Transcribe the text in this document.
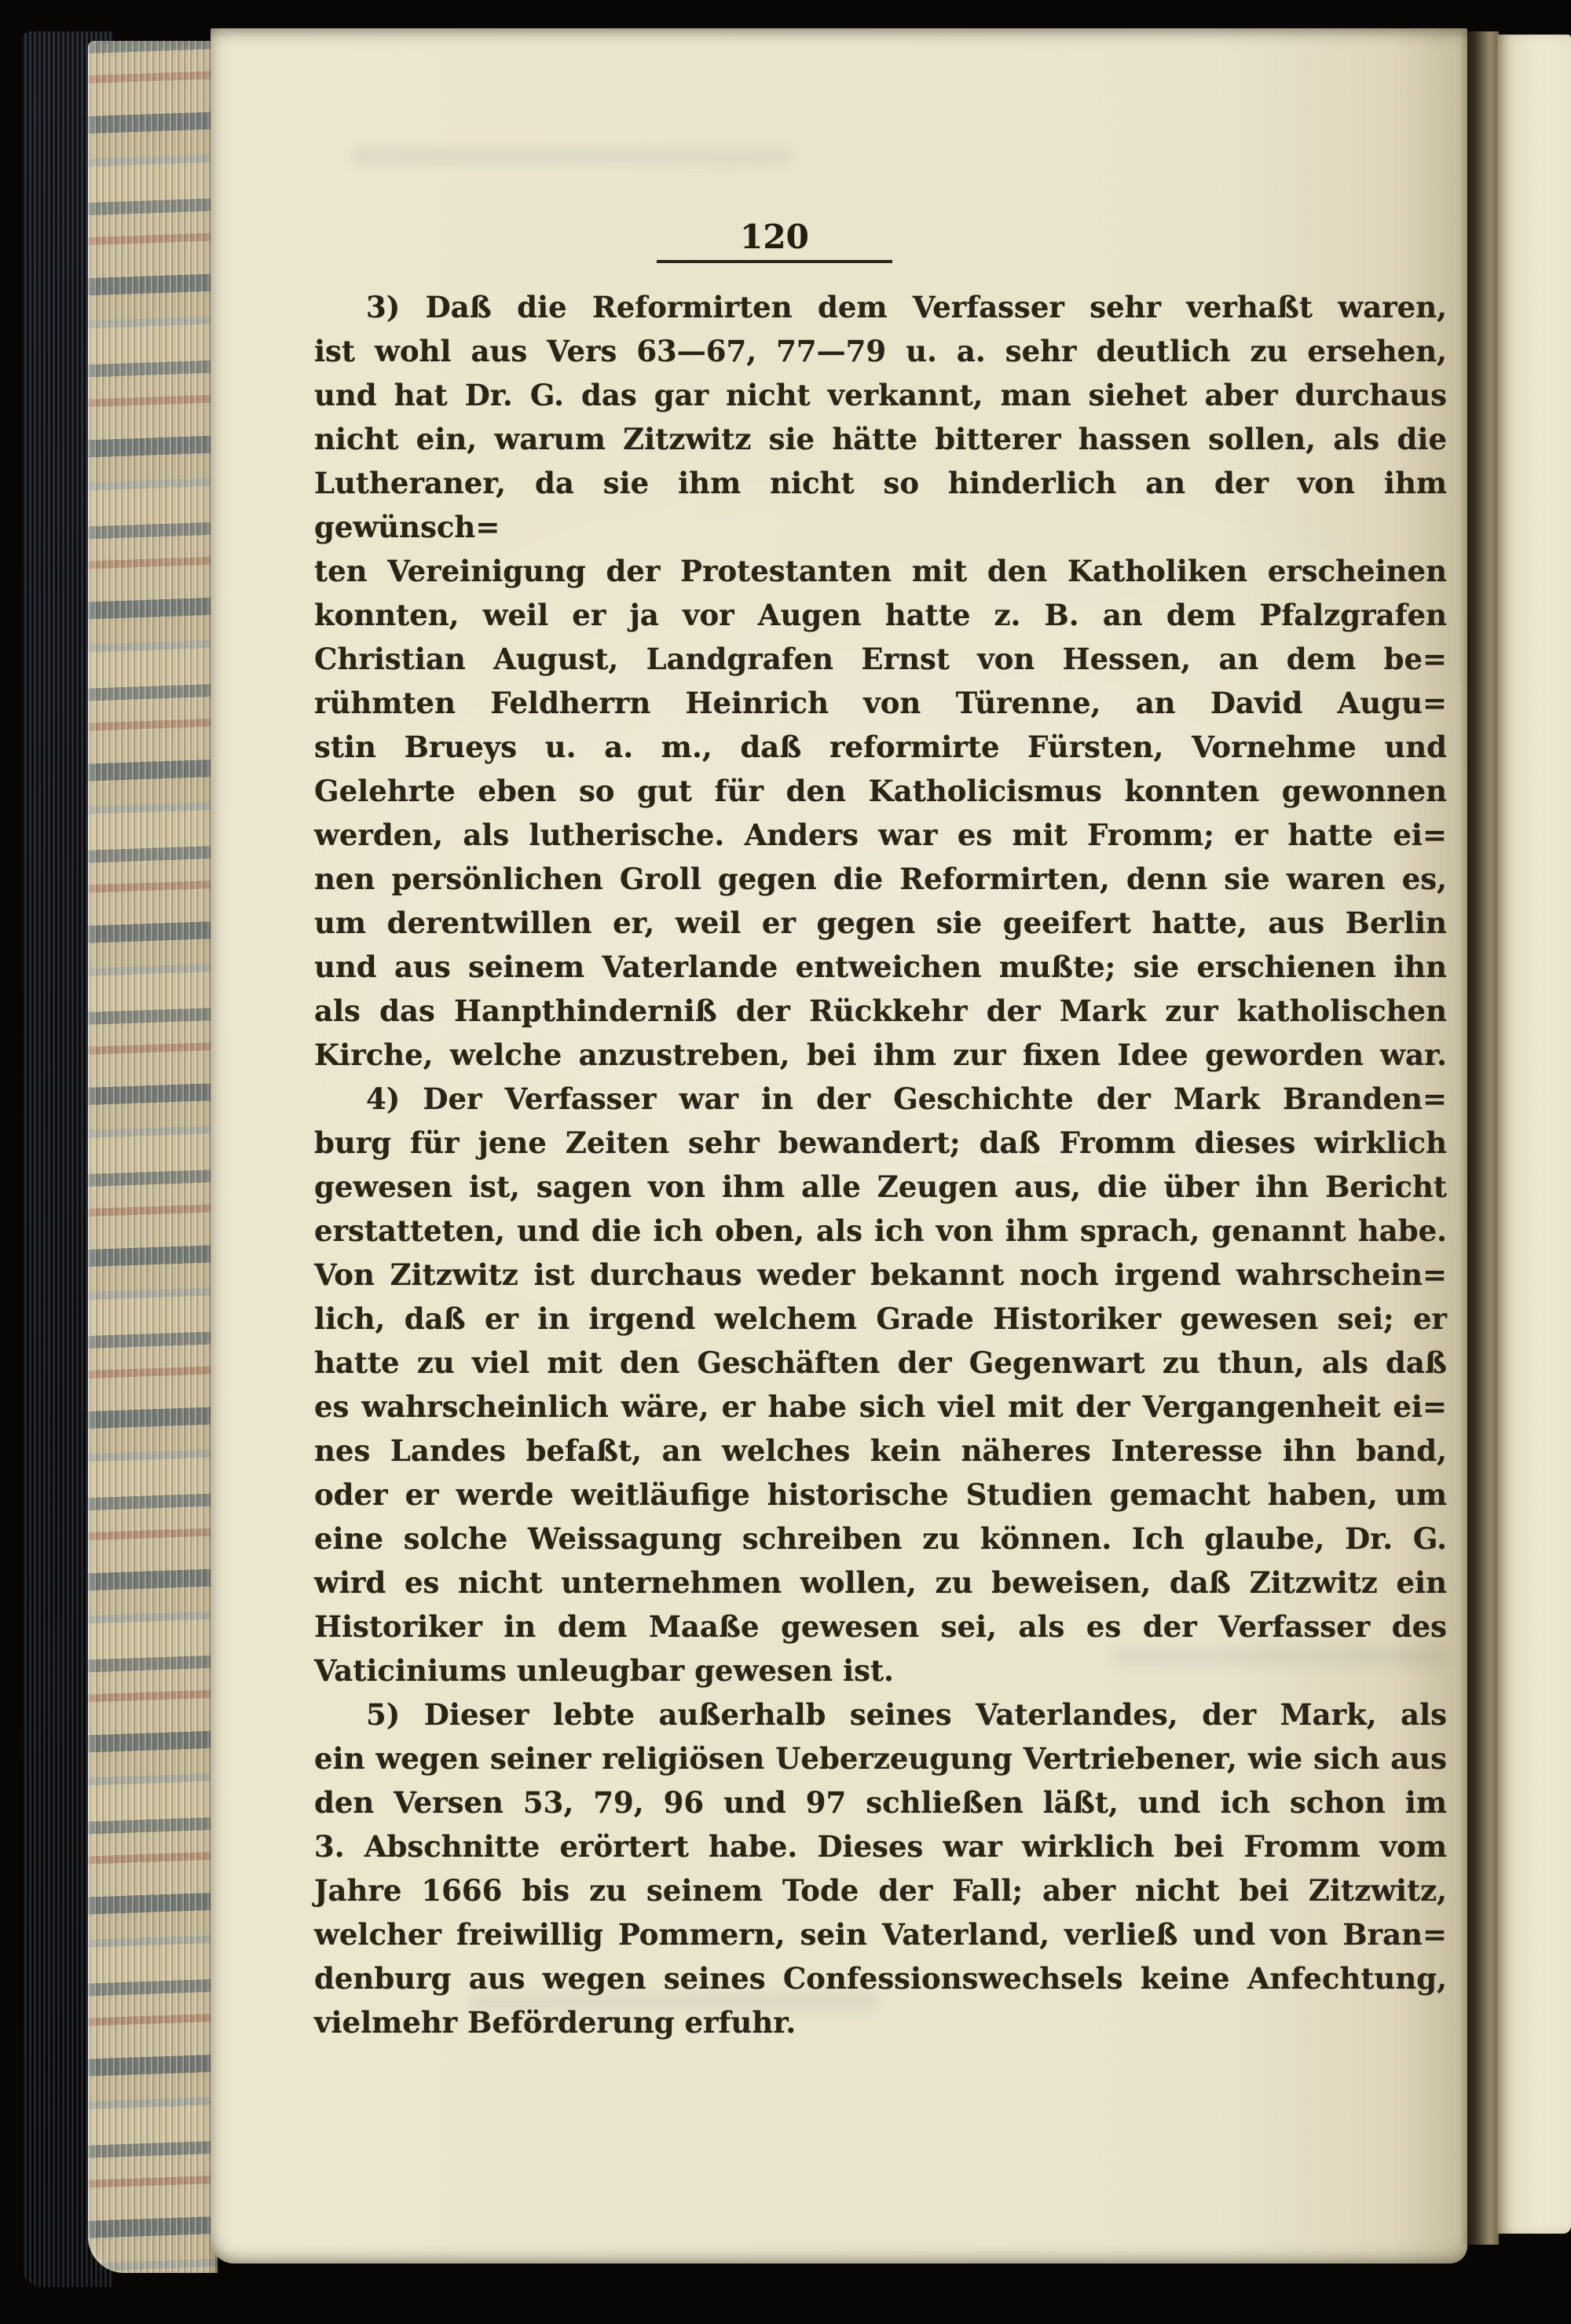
120
3) Daß die Reformirten dem Verfasser sehr verhaßt waren,
ist wohl aus Vers 63—67, 77—79 u. a. sehr deutlich zu ersehen,
und hat Dr. G. das gar nicht verkannt, man siehet aber durchaus
nicht ein, warum Zitzwitz sie hätte bitterer hassen sollen, als die
Lutheraner, da sie ihm nicht so hinderlich an der von ihm gewünsch=
ten Vereinigung der Protestanten mit den Katholiken erscheinen
konnten, weil er ja vor Augen hatte z. B. an dem Pfalzgrafen
Christian August, Landgrafen Ernst von Hessen, an dem be=
rühmten Feldherrn Heinrich von Türenne, an David Augu=
stin Brueys u. a. m., daß reformirte Fürsten, Vornehme und
Gelehrte eben so gut für den Katholicismus konnten gewonnen
werden, als lutherische. Anders war es mit Fromm; er hatte ei=
nen persönlichen Groll gegen die Reformirten, denn sie waren es,
um derentwillen er, weil er gegen sie geeifert hatte, aus Berlin
und aus seinem Vaterlande entweichen mußte; sie erschienen ihn
als das Hanpthinderniß der Rückkehr der Mark zur katholischen
Kirche, welche anzustreben, bei ihm zur fixen Idee geworden war.
4) Der Verfasser war in der Geschichte der Mark Branden=
burg für jene Zeiten sehr bewandert; daß Fromm dieses wirklich
gewesen ist, sagen von ihm alle Zeugen aus, die über ihn Bericht
erstatteten, und die ich oben, als ich von ihm sprach, genannt habe.
Von Zitzwitz ist durchaus weder bekannt noch irgend wahrschein=
lich, daß er in irgend welchem Grade Historiker gewesen sei; er
hatte zu viel mit den Geschäften der Gegenwart zu thun, als daß
es wahrscheinlich wäre, er habe sich viel mit der Vergangenheit ei=
nes Landes befaßt, an welches kein näheres Interesse ihn band,
oder er werde weitläufige historische Studien gemacht haben, um
eine solche Weissagung schreiben zu können. Ich glaube, Dr. G.
wird es nicht unternehmen wollen, zu beweisen, daß Zitzwitz ein
Historiker in dem Maaße gewesen sei, als es der Verfasser des
Vaticiniums unleugbar gewesen ist.
5) Dieser lebte außerhalb seines Vaterlandes, der Mark, als
ein wegen seiner religiösen Ueberzeugung Vertriebener, wie sich aus
den Versen 53, 79, 96 und 97 schließen läßt, und ich schon im
3. Abschnitte erörtert habe. Dieses war wirklich bei Fromm vom
Jahre 1666 bis zu seinem Tode der Fall; aber nicht bei Zitzwitz,
welcher freiwillig Pommern, sein Vaterland, verließ und von Bran=
denburg aus wegen seines Confessionswechsels keine Anfechtung,
vielmehr Beförderung erfuhr.
